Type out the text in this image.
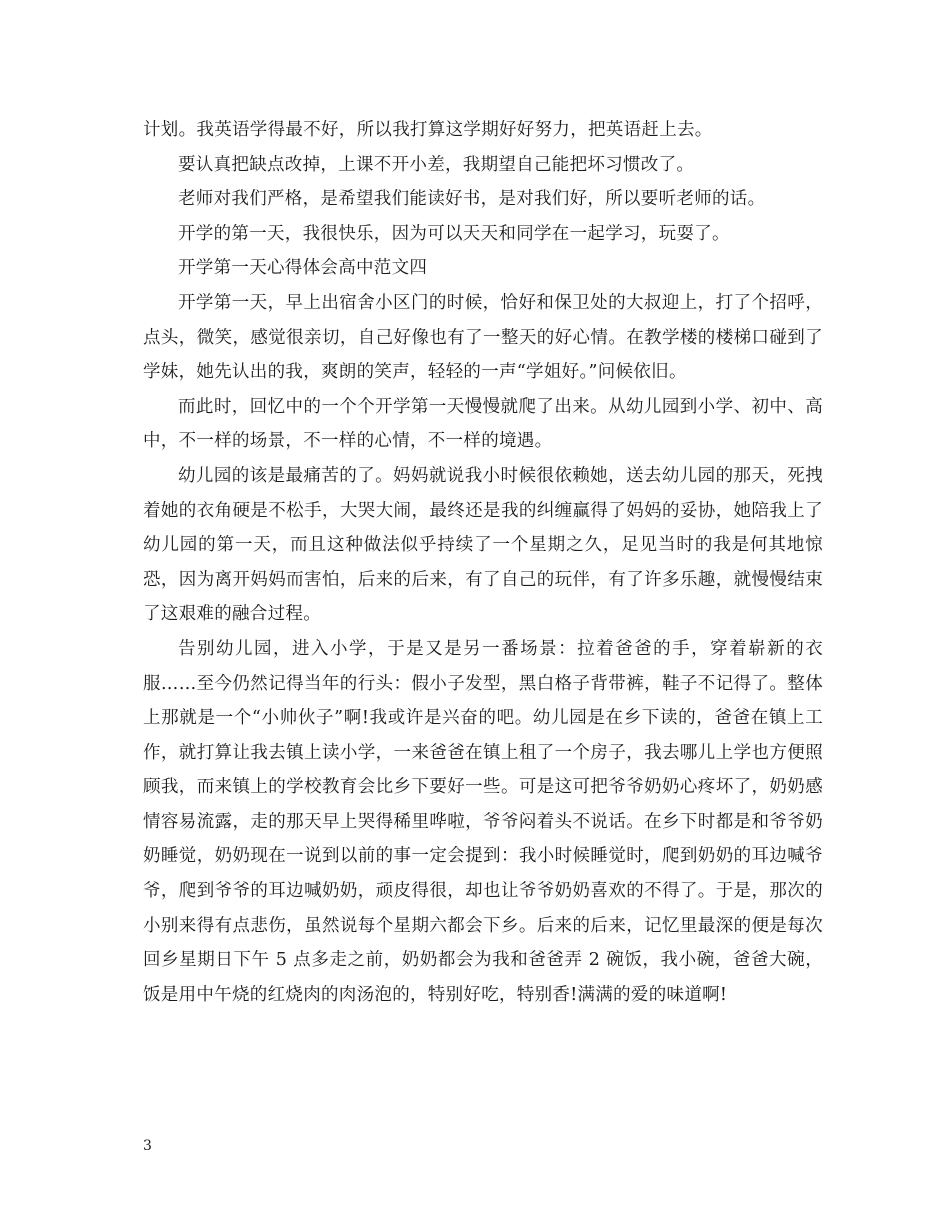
计划。我英语学得最不好，所以我打算这学期好好努力，把英语赶上去。

要认真把缺点改掉，上课不开小差，我期望自己能把坏习惯改了。

老师对我们严格，是希望我们能读好书，是对我们好，所以要听老师的话。

开学的第一天，我很快乐，因为可以天天和同学在一起学习，玩耍了。

开学第一天心得体会高中范文四

开学第一天，早上出宿舍小区门的时候，恰好和保卫处的大叔迎上，打了个招呼，点头，微笑，感觉很亲切，自己好像也有了一整天的好心情。在教学楼的楼梯口碰到了学妹，她先认出的我，爽朗的笑声，轻轻的一声“学姐好。”问候依旧。

而此时，回忆中的一个个开学第一天慢慢就爬了出来。从幼儿园到小学、初中、高中，不一样的场景，不一样的心情，不一样的境遇。

幼儿园的该是最痛苦的了。妈妈就说我小时候很依赖她，送去幼儿园的那天，死拽着她的衣角硬是不松手，大哭大闹，最终还是我的纠缠赢得了妈妈的妥协，她陪我上了幼儿园的第一天，而且这种做法似乎持续了一个星期之久，足见当时的我是何其地惊恐，因为离开妈妈而害怕，后来的后来，有了自己的玩伴，有了许多乐趣，就慢慢结束了这艰难的融合过程。

告别幼儿园，进入小学，于是又是另一番场景：拉着爸爸的手，穿着崭新的衣服……至今仍然记得当年的行头：假小子发型，黑白格子背带裤，鞋子不记得了。整体上那就是一个“小帅伙子”啊!我或许是兴奋的吧。幼儿园是在乡下读的，爸爸在镇上工作，就打算让我去镇上读小学，一来爸爸在镇上租了一个房子，我去哪儿上学也方便照顾我，而来镇上的学校教育会比乡下要好一些。可是这可把爷爷奶奶心疼坏了，奶奶感情容易流露，走的那天早上哭得稀里哗啦，爷爷闷着头不说话。在乡下时都是和爷爷奶奶睡觉，奶奶现在一说到以前的事一定会提到：我小时候睡觉时，爬到奶奶的耳边喊爷爷，爬到爷爷的耳边喊奶奶，顽皮得很，却也让爷爷奶奶喜欢的不得了。于是，那次的小别来得有点悲伤，虽然说每个星期六都会下乡。后来的后来，记忆里最深的便是每次回乡星期日下午 5 点多走之前，奶奶都会为我和爸爸弄 2 碗饭，我小碗，爸爸大碗，饭是用中午烧的红烧肉的肉汤泡的，特别好吃，特别香!满满的爱的味道啊!

3
